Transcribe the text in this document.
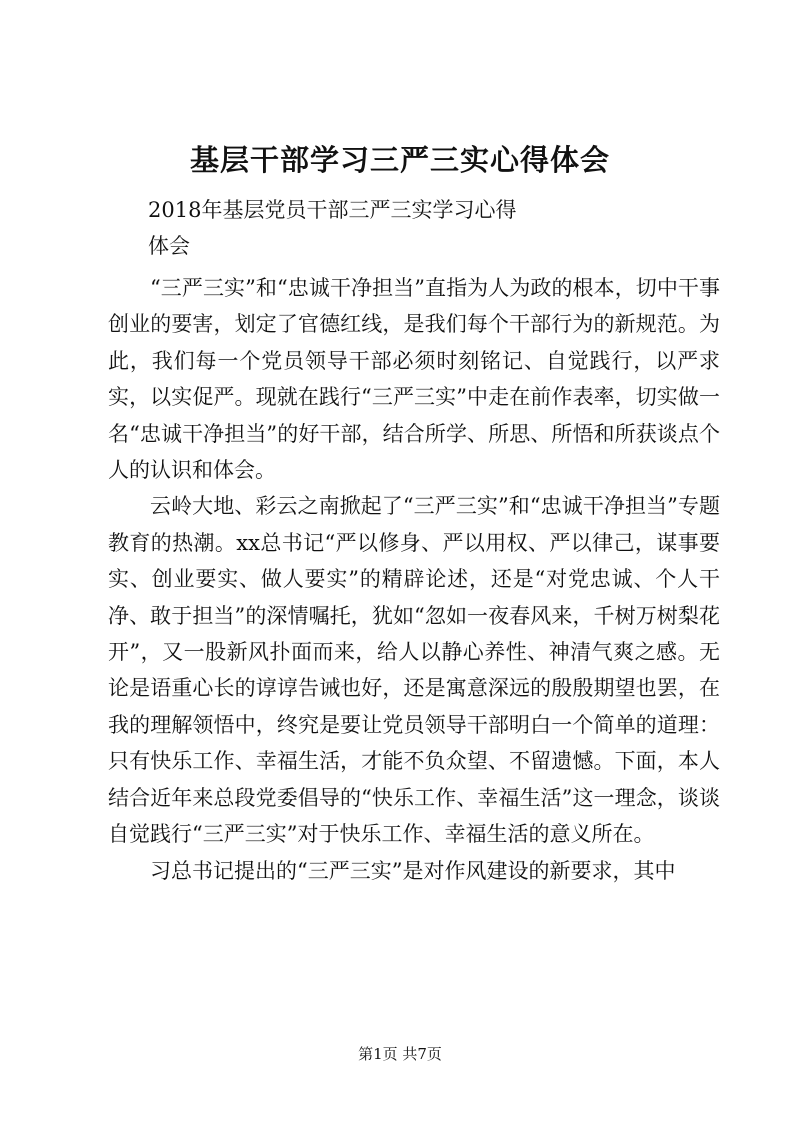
基层干部学习三严三实心得体会
2018年基层党员干部三严三实学习心得
体会

“三严三实”和“忠诚干净担当”直指为人为政的根本，切中干事创业的要害，划定了官德红线，是我们每个干部行为的新规范。为此，我们每一个党员领导干部必须时刻铭记、自觉践行，以严求实，以实促严。现就在践行“三严三实”中走在前作表率，切实做一名“忠诚干净担当”的好干部，结合所学、所思、所悟和所获谈点个人的认识和体会。

云岭大地、彩云之南掀起了“三严三实”和“忠诚干净担当”专题教育的热潮。xx总书记“严以修身、严以用权、严以律己，谋事要实、创业要实、做人要实”的精辟论述，还是“对党忠诚、个人干净、敢于担当”的深情嘱托，犹如“忽如一夜春风来，千树万树梨花开”，又一股新风扑面而来，给人以静心养性、神清气爽之感。无论是语重心长的谆谆告诫也好，还是寓意深远的殷殷期望也罢，在我的理解领悟中，终究是要让党员领导干部明白一个简单的道理：只有快乐工作、幸福生活，才能不负众望、不留遗憾。下面，本人结合近年来总段党委倡导的“快乐工作、幸福生活”这一理念，谈谈自觉践行“三严三实”对于快乐工作、幸福生活的意义所在。

习总书记提出的“三严三实”是对作风建设的新要求，其中

第1页 共7页
